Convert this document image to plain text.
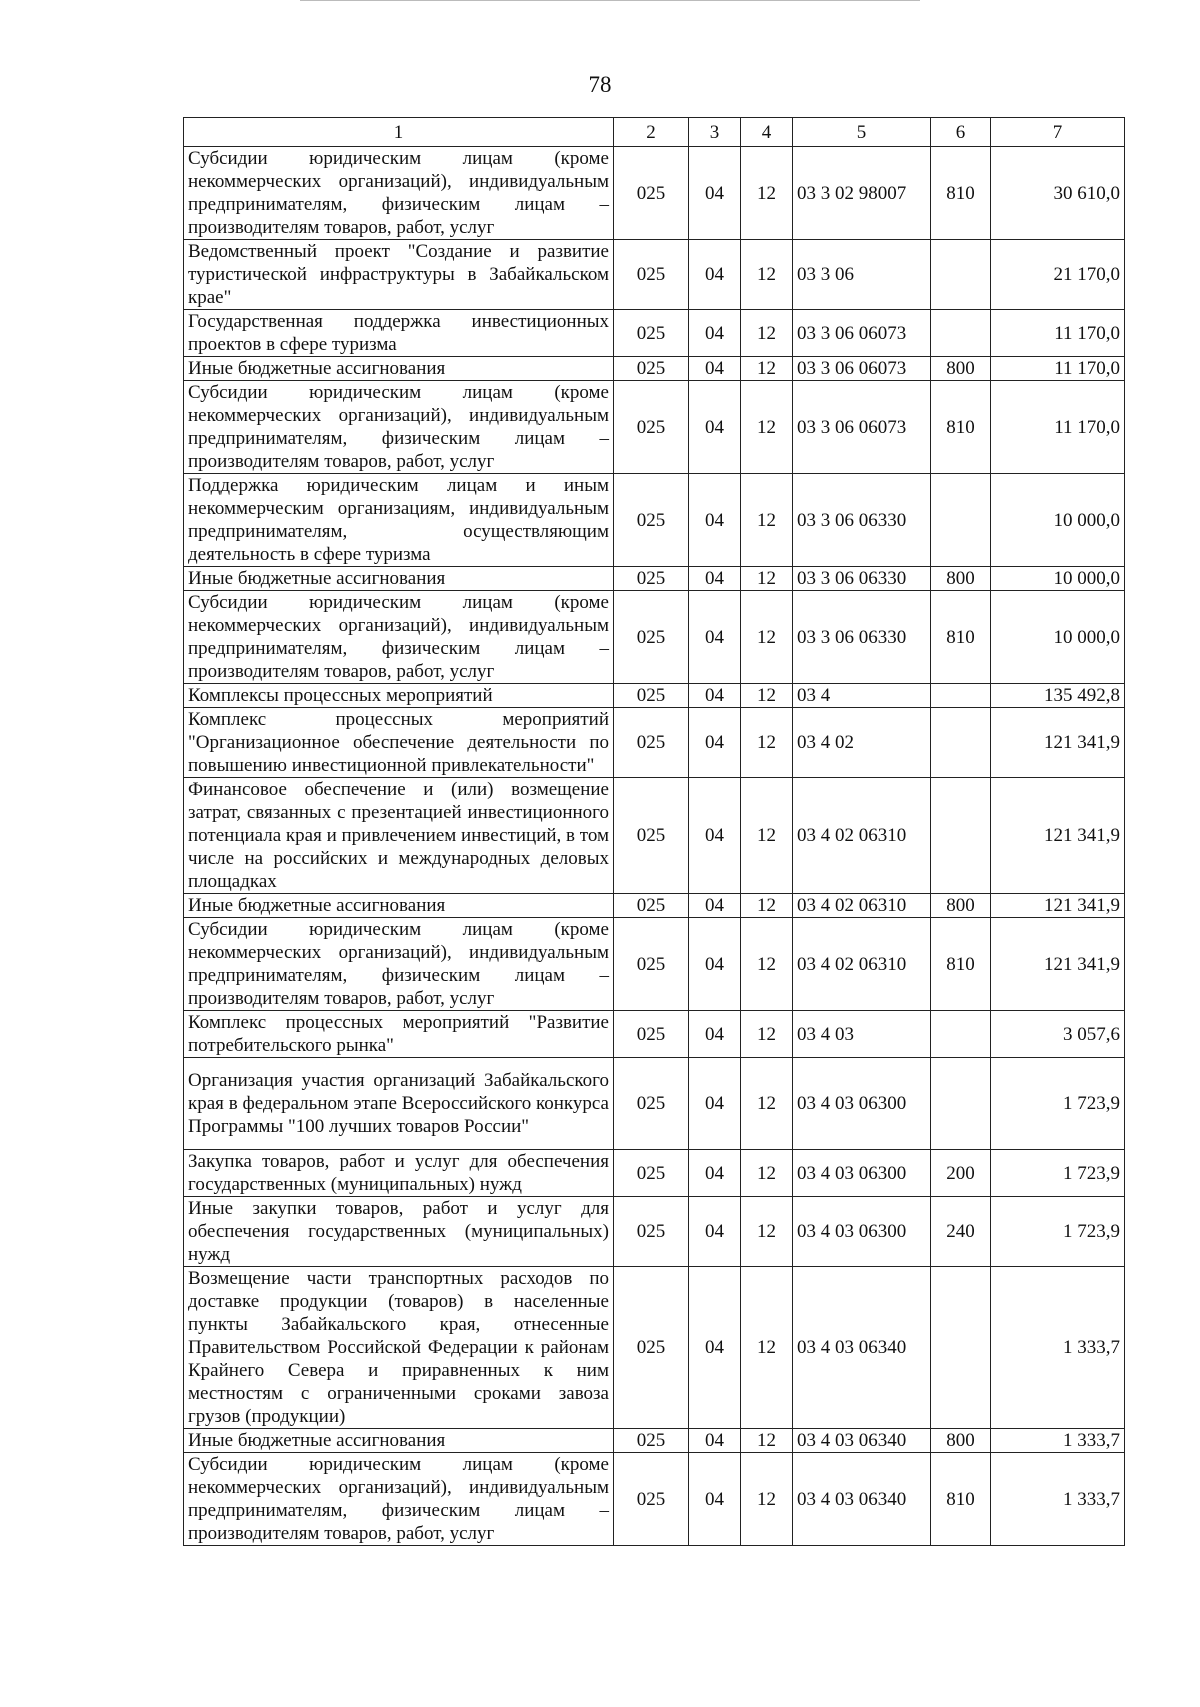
78
1	2	3	4	5	6	7
Субсидии юридическим лицам (кроме некоммерческих организаций), индивидуальным предпринимателям, физическим лицам – производителям товаров, работ, услуг	025	04	12	03 3 02 98007	810	30 610,0
Ведомственный проект "Создание и развитие туристической инфраструктуры в Забайкальском крае"	025	04	12	03 3 06		21 170,0
Государственная поддержка инвестиционных проектов в сфере туризма	025	04	12	03 3 06 06073		11 170,0
Иные бюджетные ассигнования	025	04	12	03 3 06 06073	800	11 170,0
Субсидии юридическим лицам (кроме некоммерческих организаций), индивидуальным предпринимателям, физическим лицам – производителям товаров, работ, услуг	025	04	12	03 3 06 06073	810	11 170,0
Поддержка юридическим лицам и иным некоммерческим организациям, индивидуальным предпринимателям, осуществляющим деятельность в сфере туризма	025	04	12	03 3 06 06330		10 000,0
Иные бюджетные ассигнования	025	04	12	03 3 06 06330	800	10 000,0
Субсидии юридическим лицам (кроме некоммерческих организаций), индивидуальным предпринимателям, физическим лицам – производителям товаров, работ, услуг	025	04	12	03 3 06 06330	810	10 000,0
Комплексы процессных мероприятий	025	04	12	03 4		135 492,8
Комплекс процессных мероприятий "Организационное обеспечение деятельности по повышению инвестиционной привлекательности"	025	04	12	03 4 02		121 341,9
Финансовое обеспечение и (или) возмещение затрат, связанных с презентацией инвестиционного потенциала края и привлечением инвестиций, в том числе на российских и международных деловых площадках	025	04	12	03 4 02 06310		121 341,9
Иные бюджетные ассигнования	025	04	12	03 4 02 06310	800	121 341,9
Субсидии юридическим лицам (кроме некоммерческих организаций), индивидуальным предпринимателям, физическим лицам – производителям товаров, работ, услуг	025	04	12	03 4 02 06310	810	121 341,9
Комплекс процессных мероприятий "Развитие потребительского рынка"	025	04	12	03 4 03		3 057,6
Организация участия организаций Забайкальского края в федеральном этапе Всероссийского конкурса Программы "100 лучших товаров России"	025	04	12	03 4 03 06300		1 723,9
Закупка товаров, работ и услуг для обеспечения государственных (муниципальных) нужд	025	04	12	03 4 03 06300	200	1 723,9
Иные закупки товаров, работ и услуг для обеспечения государственных (муниципальных) нужд	025	04	12	03 4 03 06300	240	1 723,9
Возмещение части транспортных расходов по доставке продукции (товаров) в населенные пункты Забайкальского края, отнесенные Правительством Российской Федерации к районам Крайнего Севера и приравненных к ним местностям с ограниченными сроками завоза грузов (продукции)	025	04	12	03 4 03 06340		1 333,7
Иные бюджетные ассигнования	025	04	12	03 4 03 06340	800	1 333,7
Субсидии юридическим лицам (кроме некоммерческих организаций), индивидуальным предпринимателям, физическим лицам – производителям товаров, работ, услуг	025	04	12	03 4 03 06340	810	1 333,7
